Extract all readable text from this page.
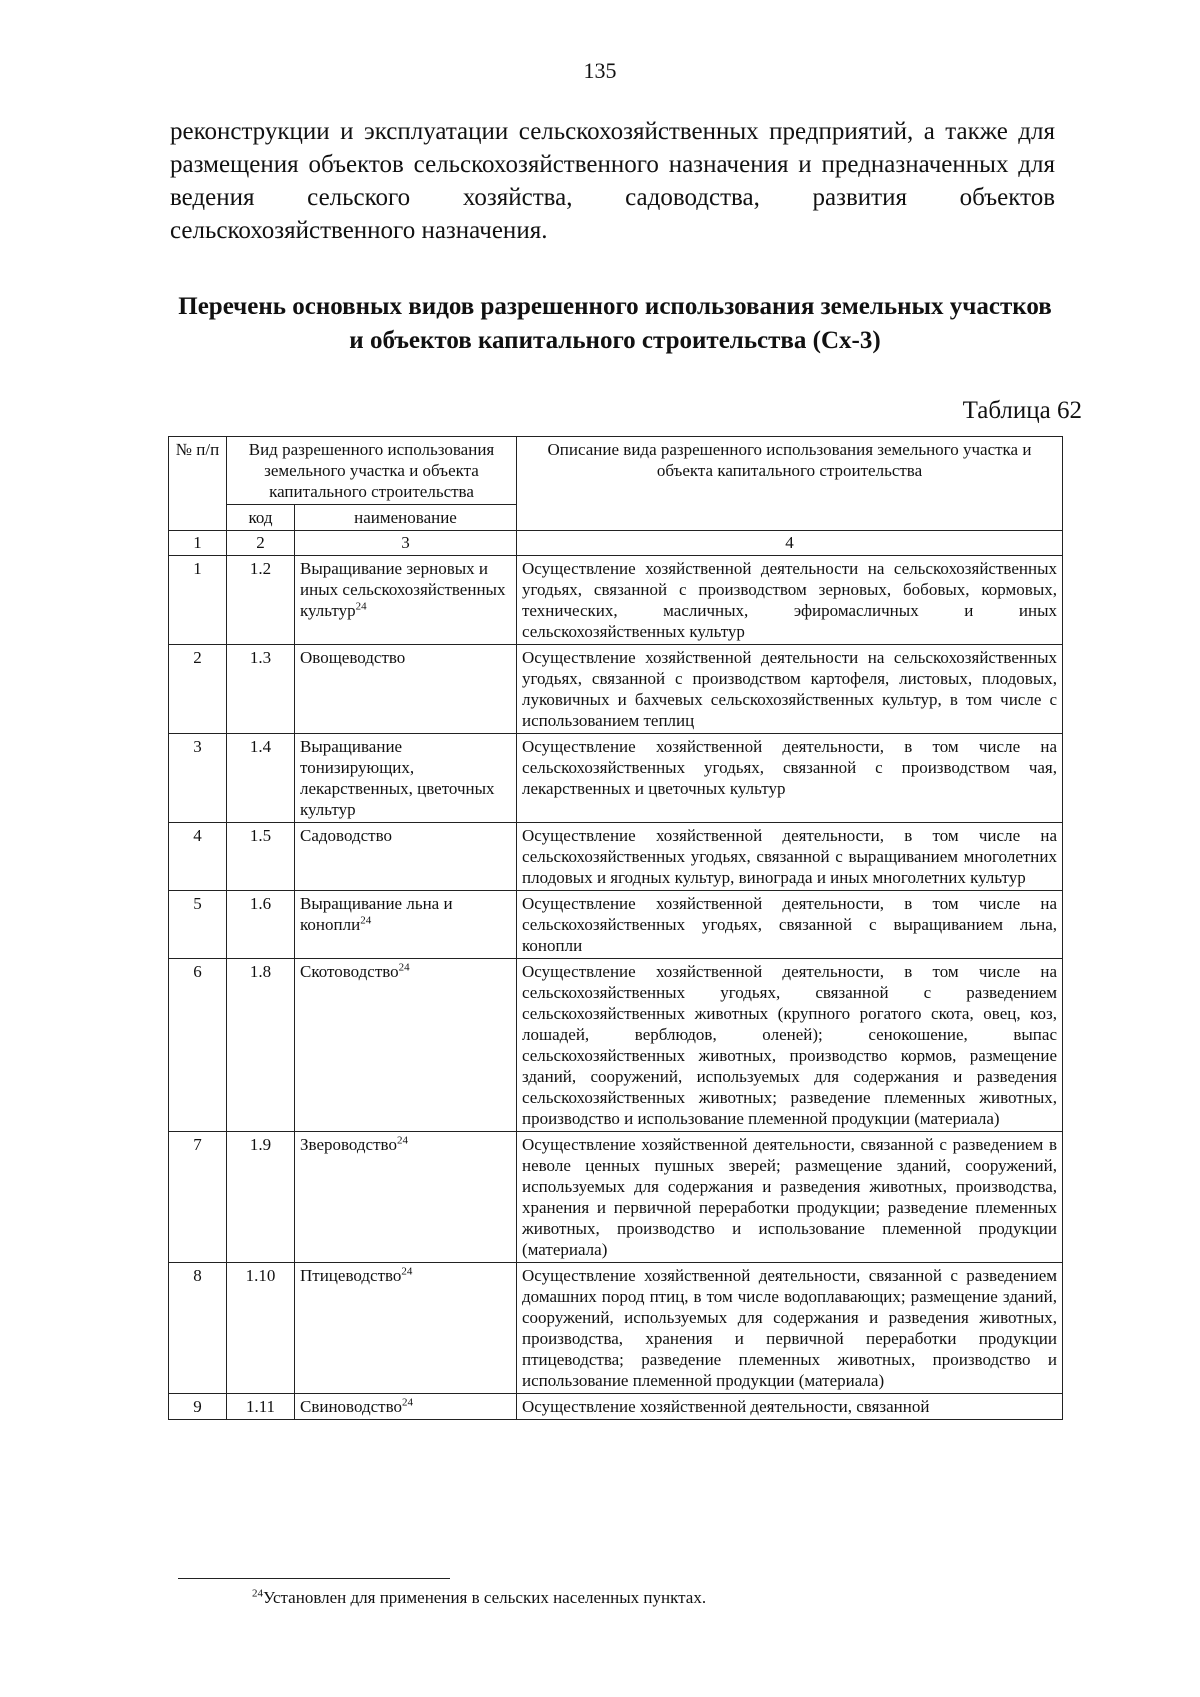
135

реконструкции и эксплуатации сельскохозяйственных предприятий, а также для размещения объектов сельскохозяйственного назначения и предназначенных для ведения сельского хозяйства, садоводства, развития объектов сельскохозяйственного назначения.

Перечень основных видов разрешенного использования земельных участков
и объектов капитального строительства (Сх-3)
Таблица 62
№ п/п	Вид разрешенного использования земельного участка и объекта капитального строительства		Описание вида разрешенного использования земельного участка и объекта капитального строительства
	код	наименование	
1	2	3	4
1	1.2	Выращивание зерновых и иных сельскохозяйственных культур$^{24}$	Осуществление хозяйственной деятельности на сельскохозяйственных угодьях, связанной с производством зерновых, бобовых, кормовых, технических, масличных, эфиромасличных и иных сельскохозяйственных культур
2	1.3	Овощеводство	Осуществление хозяйственной деятельности на сельскохозяйственных угодьях, связанной с производством картофеля, листовых, плодовых, луковичных и бахчевых сельскохозяйственных культур, в том числе с использованием теплиц
3	1.4	Выращивание тонизирующих, лекарственных, цветочных культур	Осуществление хозяйственной деятельности, в том числе на сельскохозяйственных угодьях, связанной с производством чая, лекарственных и цветочных культур
4	1.5	Садоводство	Осуществление хозяйственной деятельности, в том числе на сельскохозяйственных угодьях, связанной с выращиванием многолетних плодовых и ягодных культур, винограда и иных многолетних культур
5	1.6	Выращивание льна и конопли$^{24}$	Осуществление хозяйственной деятельности, в том числе на сельскохозяйственных угодьях, связанной с выращиванием льна, конопли
6	1.8	Скотоводство$^{24}$	Осуществление хозяйственной деятельности, в том числе на сельскохозяйственных угодьях, связанной с разведением сельскохозяйственных животных (крупного рогатого скота, овец, коз, лошадей, верблюдов, оленей); сенокошение, выпас сельскохозяйственных животных, производство кормов, размещение зданий, сооружений, используемых для содержания и разведения сельскохозяйственных животных; разведение племенных животных, производство и использование племенной продукции (материала)
7	1.9	Звероводство$^{24}$	Осуществление хозяйственной деятельности, связанной с разведением в неволе ценных пушных зверей; размещение зданий, сооружений, используемых для содержания и разведения животных, производства, хранения и первичной переработки продукции; разведение племенных животных, производство и использование племенной продукции (материала)
8	1.10	Птицеводство$^{24}$	Осуществление хозяйственной деятельности, связанной с разведением домашних пород птиц, в том числе водоплавающих; размещение зданий, сооружений, используемых для содержания и разведения животных, производства, хранения и первичной переработки продукции птицеводства; разведение племенных животных, производство и использование племенной продукции (материала)
9	1.11	Свиноводство$^{24}$	Осуществление хозяйственной деятельности, связанной

$^{24}$Установлен для применения в сельских населенных пунктах.
